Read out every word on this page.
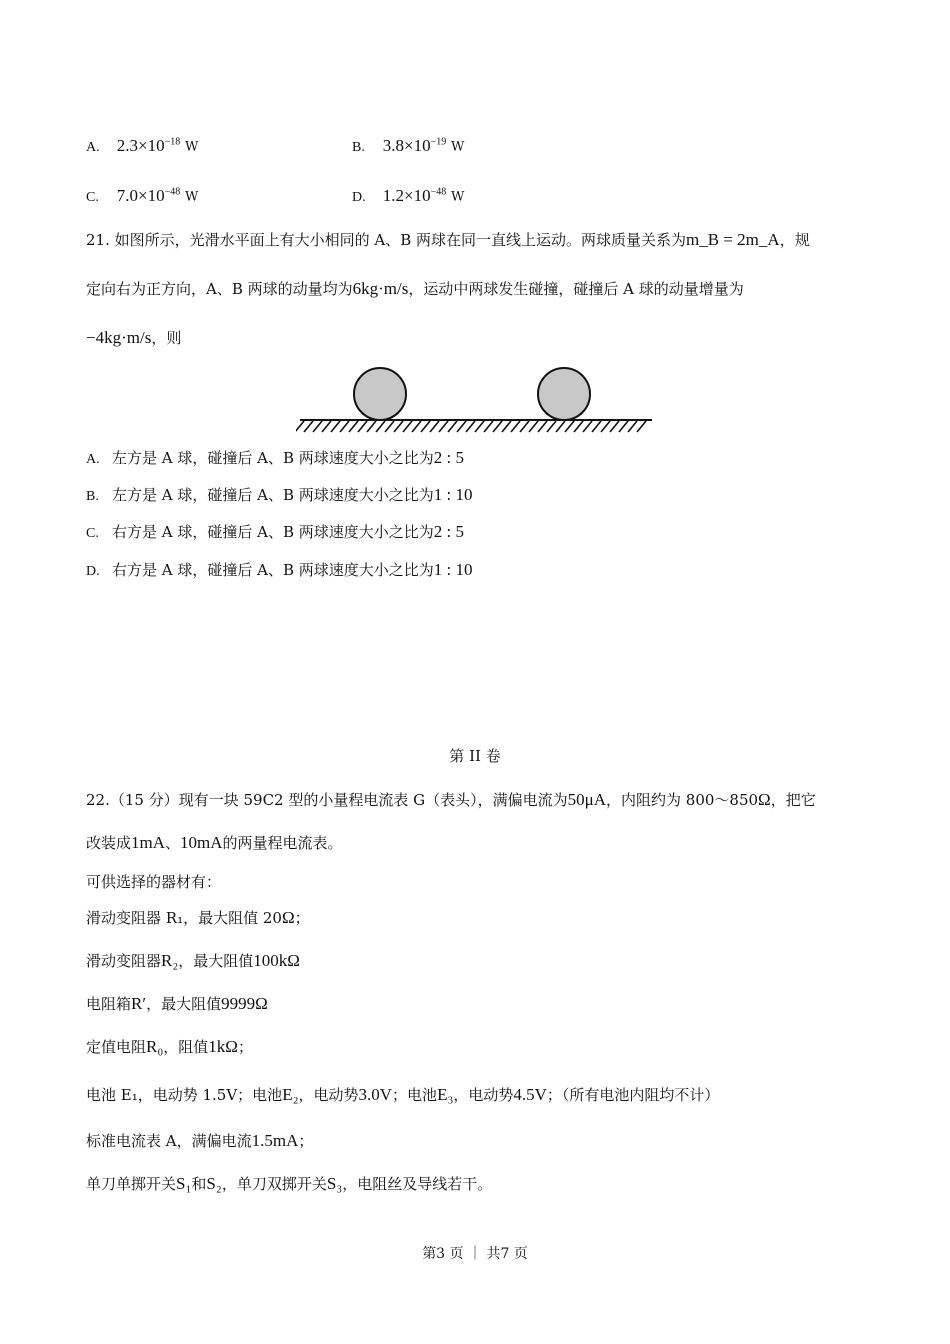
A. $2.3\times 10^{-18}$ W	B. $3.8\times 10^{-19}$ W
C. $7.0\times 10^{-48}$ W	D. $1.2\times 10^{-48}$ W
21. 如图所示，光滑水平面上有大小相同的 A、B 两球在同一直线上运动。两球质量关系为m_B = 2m_A，规
定向右为正方向，A、B 两球的动量均为6kg·m/s，运动中两球发生碰撞，碰撞后 A 球的动量增量为
−4kg·m/s，则
A. 左方是 A 球，碰撞后 A、B 两球速度大小之比为2 : 5
B. 左方是 A 球，碰撞后 A、B 两球速度大小之比为1 : 10
C. 右方是 A 球，碰撞后 A、B 两球速度大小之比为2 : 5
D. 右方是 A 球，碰撞后 A、B 两球速度大小之比为1 : 10
第 II 卷
22.（15 分）现有一块 59C2 型的小量程电流表 G（表头），满偏电流为50μA，内阻约为 800～850Ω，把它
改装成1mA、10mA的两量程电流表。
可供选择的器材有：
滑动变阻器 R₁，最大阻值 20Ω；
滑动变阻器R₂，最大阻值100kΩ
电阻箱R′，最大阻值9999Ω
定值电阻R₀，阻值1kΩ；
电池 E₁，电动势 1.5V；电池E₂，电动势3.0V；电池E₃，电动势4.5V；（所有电池内阻均不计）
标准电流表 A，满偏电流1.5mA；
单刀单掷开关S₁和S₂，单刀双掷开关S₃，电阻丝及导线若干。
第3 页 ｜ 共7 页
